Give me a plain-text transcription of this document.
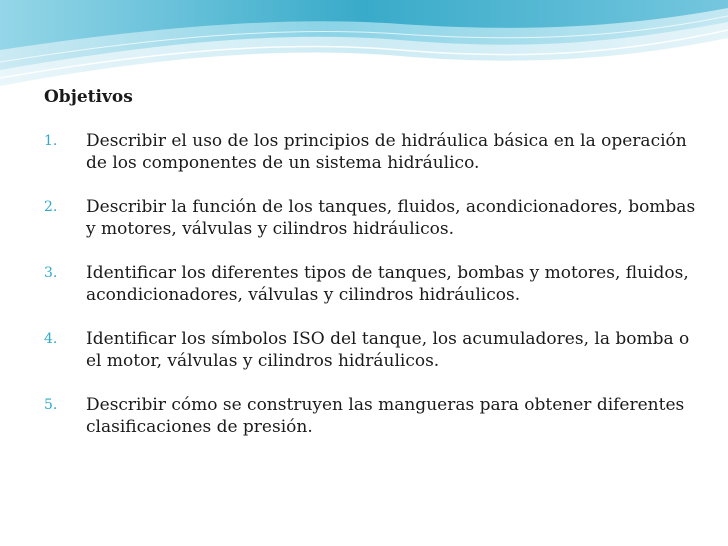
Objetivos

1. Describir el uso de los principios de hidráulica básica en la operación de los componentes de un sistema hidráulico.
2. Describir la función de los tanques, fluidos, acondicionadores, bombas y motores, válvulas y cilindros hidráulicos.
3. Identificar los diferentes tipos de tanques, bombas y motores, fluidos, acondicionadores, válvulas y cilindros hidráulicos.
4. Identificar los símbolos ISO del tanque, los acumuladores, la bomba o el motor, válvulas y cilindros hidráulicos.
5. Describir cómo se construyen las mangueras para obtener diferentes clasificaciones de presión.
